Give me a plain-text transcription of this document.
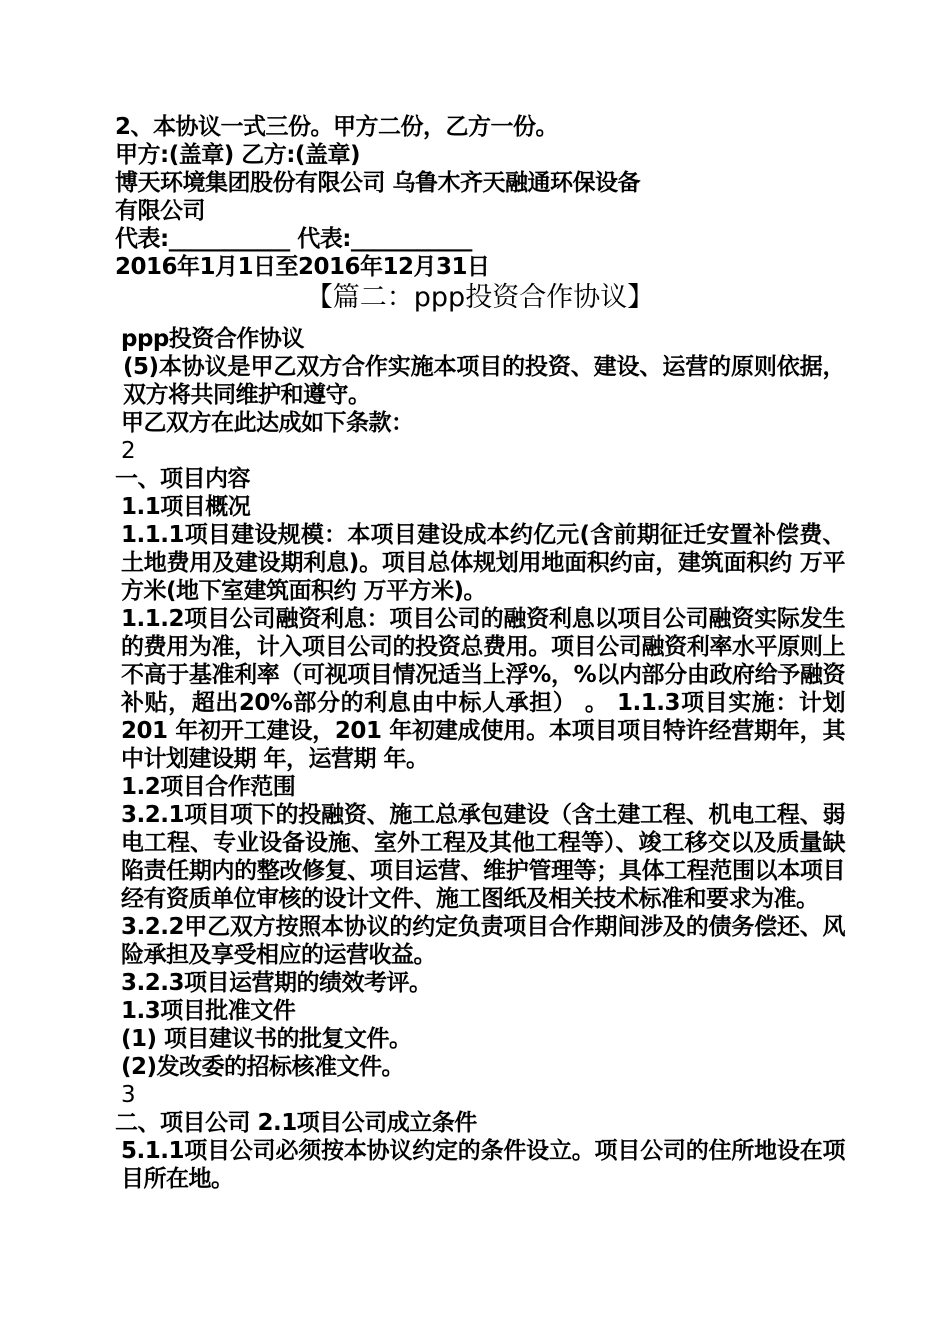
2、本协议一式三份。甲方二份，乙方一份。
甲方:(盖章) 乙方:(盖章)
博天环境集团股份有限公司 乌鲁木齐天融通环保设备
有限公司
代表:___________ 代表:___________
2016年1月1日至2016年12月31日
【篇二：ppp投资合作协议】
ppp投资合作协议
(5)本协议是甲乙双方合作实施本项目的投资、建设、运营的原则依据，双方将共同维护和遵守。
甲乙双方在此达成如下条款：
2
一、项目内容
1.1项目概况
1.1.1项目建设规模：本项目建设成本约亿元(含前期征迁安置补偿费、土地费用及建设期利息)。项目总体规划用地面积约亩，建筑面积约 万平方米(地下室建筑面积约 万平方米)。
1.1.2项目公司融资利息：项目公司的融资利息以项目公司融资实际发生的费用为准，计入项目公司的投资总费用。项目公司融资利率水平原则上不高于基准利率（可视项目情况适当上浮%，%以内部分由政府给予融资补贴，超出20%部分的利息由中标人承担） 。 1.1.3项目实施：计划201 年初开工建设，201 年初建成使用。本项目项目特许经营期年，其中计划建设期 年，运营期 年。
1.2项目合作范围
3.2.1项目项下的投融资、施工总承包建设（含土建工程、机电工程、弱电工程、专业设备设施、室外工程及其他工程等）、竣工移交以及质量缺陷责任期内的整改修复、项目运营、维护管理等；具体工程范围以本项目经有资质单位审核的设计文件、施工图纸及相关技术标准和要求为准。
3.2.2甲乙双方按照本协议的约定负责项目合作期间涉及的债务偿还、风险承担及享受相应的运营收益。
3.2.3项目运营期的绩效考评。
1.3项目批准文件
(1) 项目建议书的批复文件。
(2)发改委的招标核准文件。
3
二、项目公司 2.1项目公司成立条件
5.1.1项目公司必须按本协议约定的条件设立。项目公司的住所地设在项目所在地。
